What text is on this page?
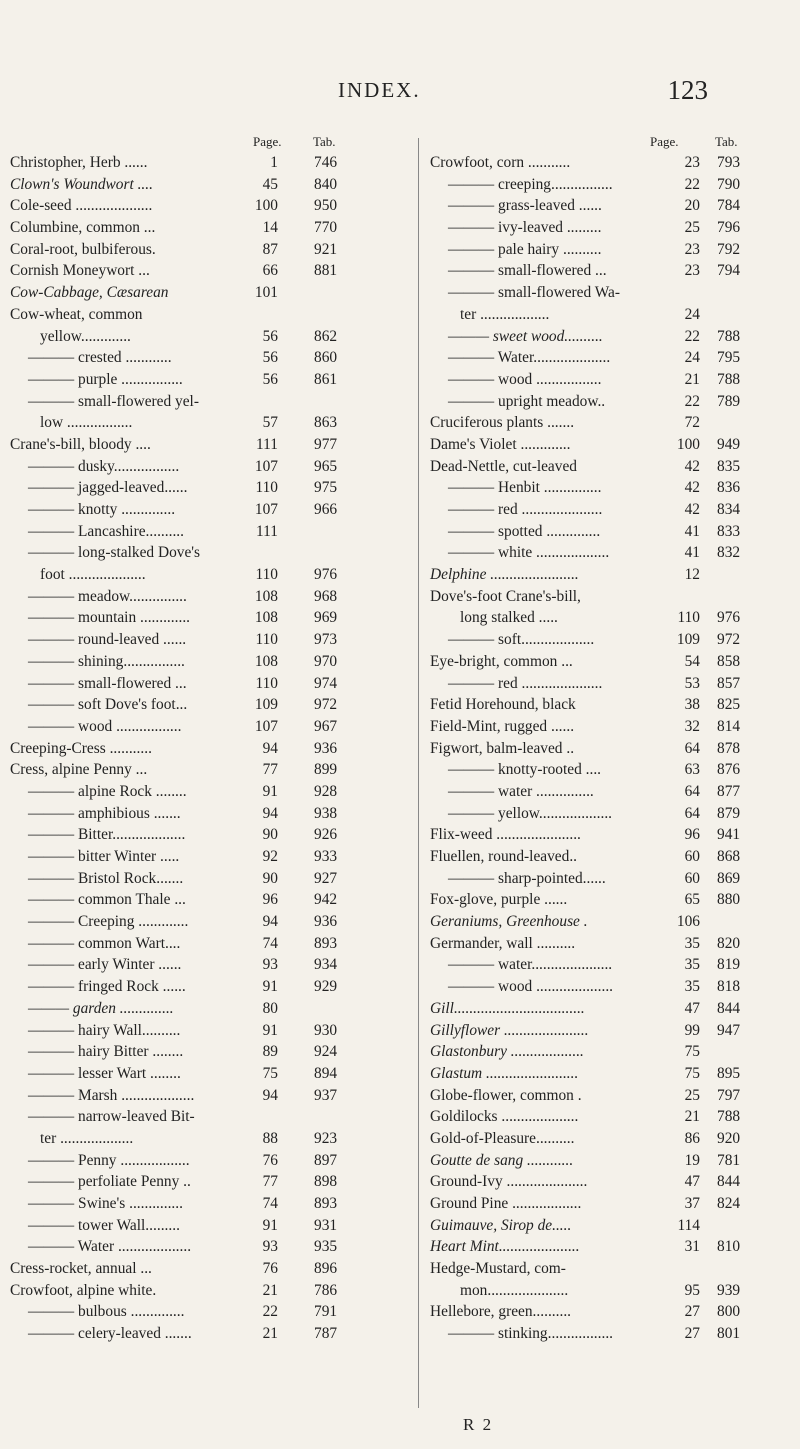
INDEX.	123
Page. Tab.
Christopher, Herb ......	1 746
Clown's Woundwort ....	45 840
Cole-seed ....................	100 950
Columbine, common ...	14 770
Coral-root, bulbiferous.	87 921
Cornish Moneywort ...	66 881
Cow-Cabbage, Cæsarean	101
Cow-wheat, common
yellow.............	56 862
——— crested ............	56 860
——— purple ................	56 861
——— small-flowered yel-
low .................	57 863
Crane's-bill, bloody ....	111 977
——— dusky.................	107 965
——— jagged-leaved......	110 975
——— knotty ..............	107 966
——— Lancashire..........	111
——— long-stalked Dove's
foot ....................	110 976
——— meadow...............	108 968
——— mountain .............	108 969
——— round-leaved ......	110 973
——— shining................	108 970
——— small-flowered ...	110 974
——— soft Dove's foot...	109 972
——— wood .................	107 967
Creeping-Cress ...........	94 936
Cress, alpine Penny ...	77 899
——— alpine Rock ........	91 928
——— amphibious .......	94 938
——— Bitter...................	90 926
——— bitter Winter .....	92 933
——— Bristol Rock.......	90 927
——— common Thale ...	96 942
——— Creeping .............	94 936
——— common Wart....	74 893
——— early Winter ......	93 934
——— fringed Rock ......	91 929
——— garden ..............	80
——— hairy Wall..........	91 930
——— hairy Bitter ........	89 924
——— lesser Wart ........	75 894
——— Marsh ...................	94 937
——— narrow-leaved Bit-
ter ...................	88 923
——— Penny ..................	76 897
——— perfoliate Penny ..	77 898
——— Swine's ..............	74 893
——— tower Wall.........	91 931
——— Water ...................	93 935
Cress-rocket, annual ...	76 896
Crowfoot, alpine white.	21 786
——— bulbous ..............	22 791
——— celery-leaved .......	21 787
Page.	Tab.
Crowfoot, corn ...........	23 793
——— creeping................	22 790
——— grass-leaved ......	20 784
——— ivy-leaved .........	25 796
——— pale hairy ..........	23 792
——— small-flowered ...	23 794
——— small-flowered Wa-
ter ..................	24
——— sweet wood..........	22 788
——— Water....................	24 795
——— wood .................	21 788
——— upright meadow..	22 789
Cruciferous plants .......	72
Dame's Violet .............	100 949
Dead-Nettle, cut-leaved	42 835
——— Henbit ...............	42 836
——— red .....................	42 834
——— spotted ..............	41 833
——— white ...................	41 832
Delphine .......................	12
Dove's-foot Crane's-bill,
long stalked .....	110 976
——— soft...................	109 972
Eye-bright, common ...	54 858
——— red .....................	53 857
Fetid Horehound, black	38 825
Field-Mint, rugged ......	32 814
Figwort, balm-leaved ..	64 878
——— knotty-rooted ....	63 876
——— water ...............	64 877
——— yellow...................	64 879
Flix-weed ......................	96 941
Fluellen, round-leaved..	60 868
——— sharp-pointed......	60 869
Fox-glove, purple ......	65 880
Geraniums, Greenhouse .	106
Germander, wall ..........	35 820
——— water.....................	35 819
——— wood ....................	35 818
Gill..................................	47 844
Gillyflower ......................	99 947
Glastonbury ...................	75
Glastum ........................	75 895
Globe-flower, common .	25 797
Goldilocks ....................	21 788
Gold-of-Pleasure..........	86 920
Goutte de sang ............	19 781
Ground-Ivy .....................	47 844
Ground Pine ..................	37 824
Guimauve, Sirop de.....	114
Heart Mint.....................	31 810
Hedge-Mustard, com-
mon.....................	95 939
Hellebore, green..........	27 800
——— stinking.................	27 801
R 2
